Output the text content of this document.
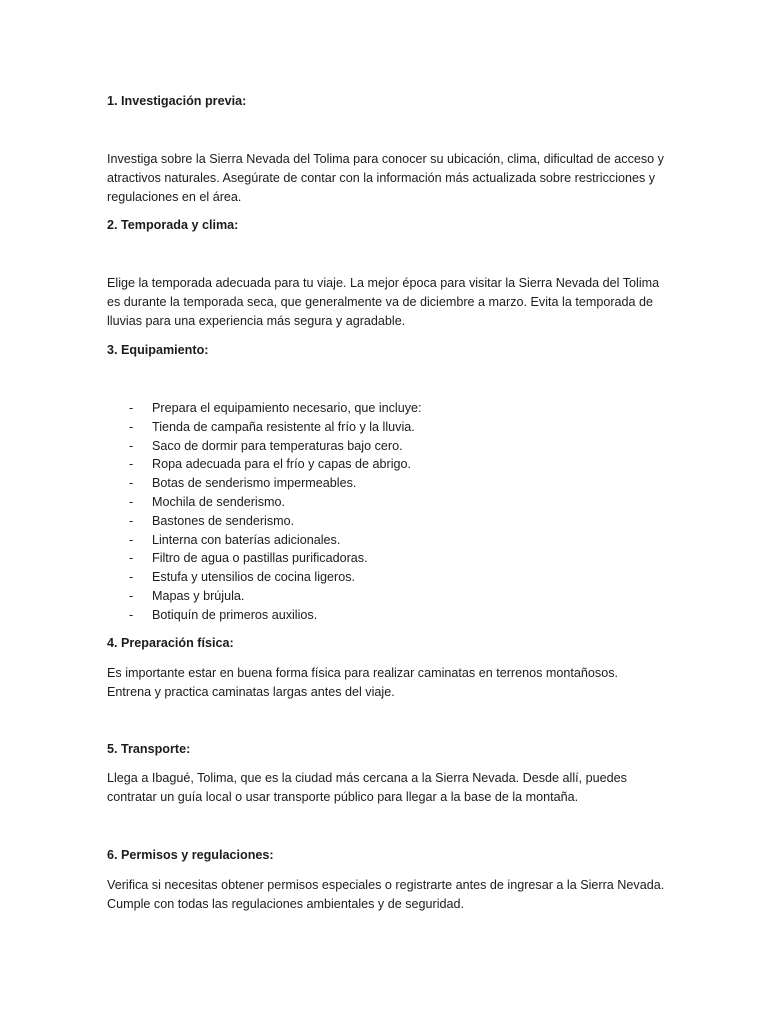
1. Investigación previa:
Investiga sobre la Sierra Nevada del Tolima para conocer su ubicación, clima, dificultad de acceso y
atractivos naturales. Asegúrate de contar con la información más actualizada sobre restricciones y
regulaciones en el área.
2. Temporada y clima:
Elige la temporada adecuada para tu viaje. La mejor época para visitar la Sierra Nevada del Tolima
es durante la temporada seca, que generalmente va de diciembre a marzo. Evita la temporada de
lluvias para una experiencia más segura y agradable.
3. Equipamiento:
- Prepara el equipamiento necesario, que incluye:
- Tienda de campaña resistente al frío y la lluvia.
- Saco de dormir para temperaturas bajo cero.
- Ropa adecuada para el frío y capas de abrigo.
- Botas de senderismo impermeables.
- Mochila de senderismo.
- Bastones de senderismo.
- Linterna con baterías adicionales.
- Filtro de agua o pastillas purificadoras.
- Estufa y utensilios de cocina ligeros.
- Mapas y brújula.
- Botiquín de primeros auxilios.
4. Preparación física:
Es importante estar en buena forma física para realizar caminatas en terrenos montañosos.
Entrena y practica caminatas largas antes del viaje.
5. Transporte:
Llega a Ibagué, Tolima, que es la ciudad más cercana a la Sierra Nevada. Desde allí, puedes
contratar un guía local o usar transporte público para llegar a la base de la montaña.
6. Permisos y regulaciones:
Verifica si necesitas obtener permisos especiales o registrarte antes de ingresar a la Sierra Nevada.
Cumple con todas las regulaciones ambientales y de seguridad.
